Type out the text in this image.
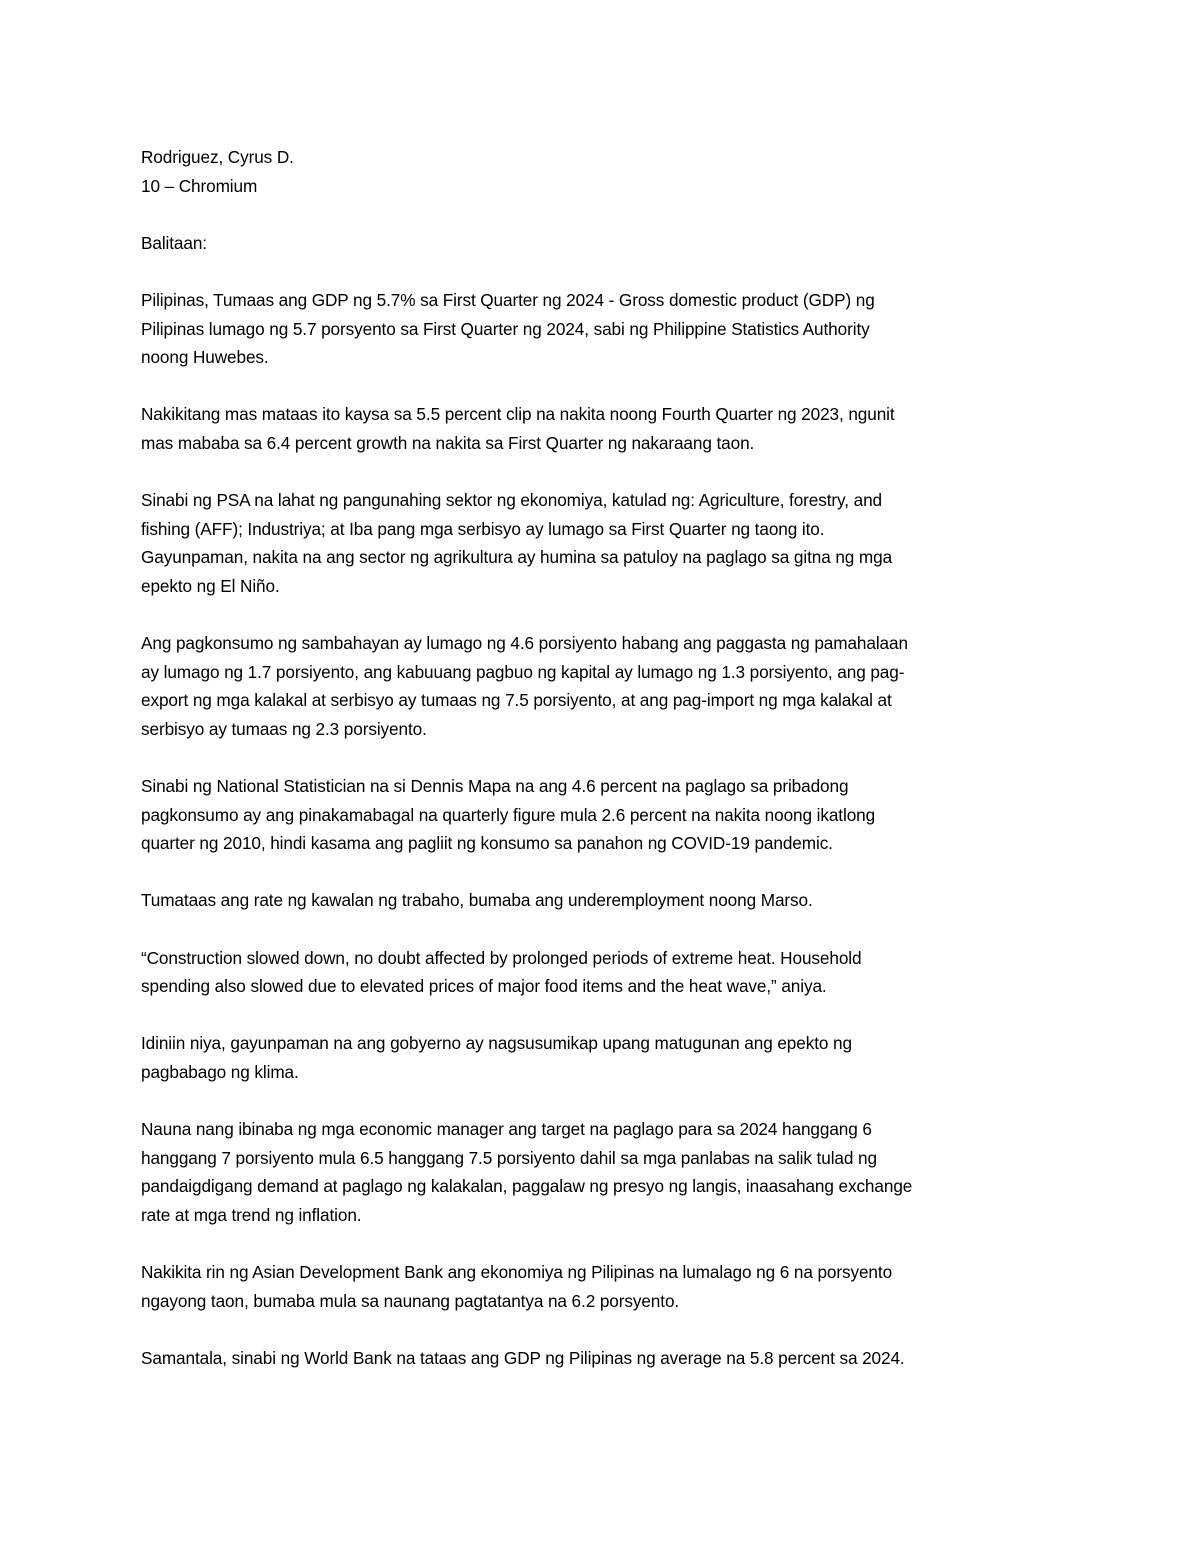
Rodriguez, Cyrus D.
10 – Chromium
Balitaan:
Pilipinas, Tumaas ang GDP ng 5.7% sa First Quarter ng 2024 - Gross domestic product (GDP) ng
Pilipinas lumago ng 5.7 porsyento sa First Quarter ng 2024, sabi ng Philippine Statistics Authority
noong Huwebes.
Nakikitang mas mataas ito kaysa sa 5.5 percent clip na nakita noong Fourth Quarter ng 2023, ngunit
mas mababa sa 6.4 percent growth na nakita sa First Quarter ng nakaraang taon.
Sinabi ng PSA na lahat ng pangunahing sektor ng ekonomiya, katulad ng: Agriculture, forestry, and
fishing (AFF); Industriya; at Iba pang mga serbisyo ay lumago sa First Quarter ng taong ito.
Gayunpaman, nakita na ang sector ng agrikultura ay humina sa patuloy na paglago sa gitna ng mga
epekto ng El Niño.
Ang pagkonsumo ng sambahayan ay lumago ng 4.6 porsiyento habang ang paggasta ng pamahalaan
ay lumago ng 1.7 porsiyento, ang kabuuang pagbuo ng kapital ay lumago ng 1.3 porsiyento, ang pag-
export ng mga kalakal at serbisyo ay tumaas ng 7.5 porsiyento, at ang pag-import ng mga kalakal at
serbisyo ay tumaas ng 2.3 porsiyento.
Sinabi ng National Statistician na si Dennis Mapa na ang 4.6 percent na paglago sa pribadong
pagkonsumo ay ang pinakamabagal na quarterly figure mula 2.6 percent na nakita noong ikatlong
quarter ng 2010, hindi kasama ang pagliit ng konsumo sa panahon ng COVID-19 pandemic.
Tumataas ang rate ng kawalan ng trabaho, bumaba ang underemployment noong Marso.
“Construction slowed down, no doubt affected by prolonged periods of extreme heat. Household
spending also slowed due to elevated prices of major food items and the heat wave,” aniya.
Idiniin niya, gayunpaman na ang gobyerno ay nagsusumikap upang matugunan ang epekto ng
pagbabago ng klima.
Nauna nang ibinaba ng mga economic manager ang target na paglago para sa 2024 hanggang 6
hanggang 7 porsiyento mula 6.5 hanggang 7.5 porsiyento dahil sa mga panlabas na salik tulad ng
pandaigdigang demand at paglago ng kalakalan, paggalaw ng presyo ng langis, inaasahang exchange
rate at mga trend ng inflation.
Nakikita rin ng Asian Development Bank ang ekonomiya ng Pilipinas na lumalago ng 6 na porsyento
ngayong taon, bumaba mula sa naunang pagtatantya na 6.2 porsyento.
Samantala, sinabi ng World Bank na tataas ang GDP ng Pilipinas ng average na 5.8 percent sa 2024.
